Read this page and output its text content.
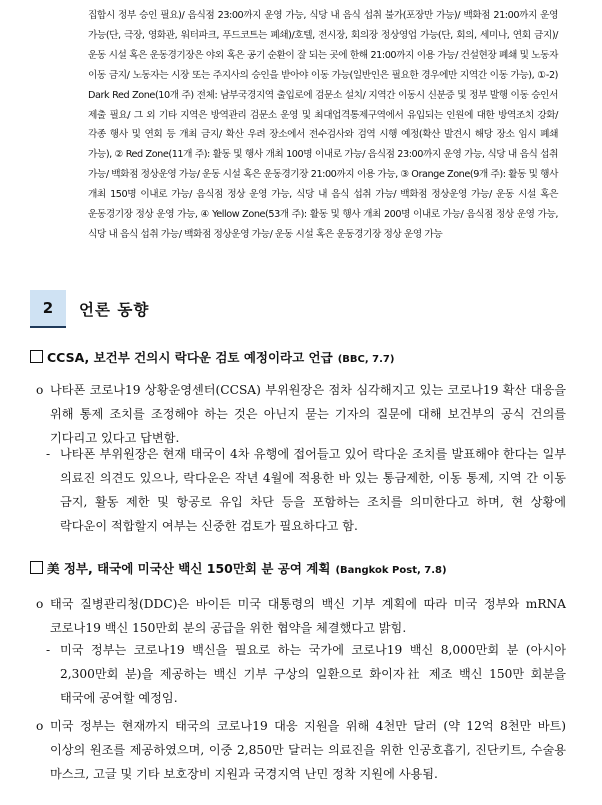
집합시 정부 승인 필요)/ 음식점 23:00까지 운영 가능, 식당 내 음식 섭취 불가(포장만 가능)/ 백화점 21:00까지 운영 가능(단, 극장, 영화관, 워터파크, 푸드코트는 폐쇄)/호텔, 전시장, 회의장 정상영업 가능(단, 회의, 세미나, 연회 금지)/ 운동 시설 혹은 운동경기장은 야외 혹은 공기 순환이 잘 되는 곳에 한해 21:00까지 이용 가능/ 건설현장 폐쇄 및 노동자 이동 금지/ 노동자는 시장 또는 주지사의 승인을 받아야 이동 가능(일반인은 필요한 경우에만 지역간 이동 가능), ①-2) Dark Red Zone(10개 주) 전체: 남부국경지역 출입로에 검문소 설치/ 지역간 이동시 신분증 및 정부 발행 이동 승인서 제출 필요/ 그 외 기타 지역은 방역관리 검문소 운영 및 최대업격통제구역에서 유입되는 인원에 대한 방역조치 강화/ 각종 행사 및 연회 등 개최 금지/ 확산 우려 장소에서 전수검사와 검역 시행 예정(확산 발견시 해당 장소 임시 폐쇄 가능), ② Red Zone(11개 주): 활동 및 행사 개최 100명 이내로 가능/ 음식점 23:00까지 운영 가능, 식당 내 음식 섭취 가능/ 백화점 정상운영 가능/ 운동 시설 혹은 운동경기장 21:00까지 이용 가능, ③ Orange Zone(9개 주): 활동 및 행사 개최 150명 이내로 가능/ 음식점 정상 운영 가능, 식당 내 음식 섭취 가능/ 백화점 정상운영 가능/ 운동 시설 혹은 운동경기장 정상 운영 가능, ④ Yellow Zone(53개 주): 활동 및 행사 개최 200명 이내로 가능/ 음식점 정상 운영 가능, 식당 내 음식 섭취 가능/ 백화점 정상운영 가능/ 운동 시설 혹은 운동경기장 정상 운영 가능

2	언론 동향
CCSA, 보건부 건의시 락다운 검토 예정이라고 언급 (BBC, 7.7)
o 나타폰 코로나19 상황운영센터(CCSA) 부위원장은 점차 심각해지고 있는 코로나19 확산 대응을 위해 통제 조치를 조정해야 하는 것은 아닌지 묻는 기자의 질문에 대해 보건부의 공식 건의를 기다리고 있다고 답변함.
- 나타폰 부위원장은 현재 태국이 4차 유행에 접어들고 있어 락다운 조치를 발표해야 한다는 일부 의료진 의견도 있으나, 락다운은 작년 4월에 적용한 바 있는 통금제한, 이동 통제, 지역 간 이동 금지, 활동 제한 및 항공로 유입 차단 등을 포함하는 조치를 의미한다고 하며, 현 상황에 락다운이 적합할지 여부는 신중한 검토가 필요하다고 함.
美 정부, 태국에 미국산 백신 150만회 분 공여 계획 (Bangkok Post, 7.8)
o 태국 질병관리청(DDC)은 바이든 미국 대통령의 백신 기부 계획에 따라 미국 정부와 mRNA 코로나19 백신 150만회 분의 공급을 위한 협약을 체결했다고 밝힘.
- 미국 정부는 코로나19 백신을 필요로 하는 국가에 코로나19 백신 8,000만회 분 (아시아 2,300만회 분)을 제공하는 백신 기부 구상의 일환으로 화이자社 제조 백신 150만 회분을 태국에 공여할 예정임.
o 미국 정부는 현재까지 태국의 코로나19 대응 지원을 위해 4천만 달러 (약 12억 8천만 바트) 이상의 원조를 제공하였으며, 이중 2,850만 달러는 의료진을 위한 인공호흡기, 진단키트, 수술용 마스크, 고글 및 기타 보호장비 지원과 국경지역 난민 정착 지원에 사용됨.
